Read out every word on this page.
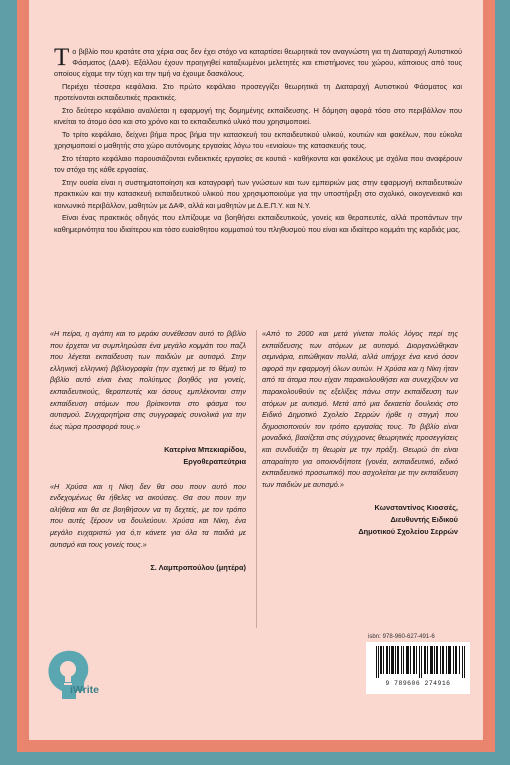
Το βιβλίο που κρατάτε στα χέρια σας δεν έχει στόχο να καταρτίσει θεωρητικά τον αναγνώστη για τη Διαταραχή Αυτιστικού Φάσματος (ΔΑΦ). Εξάλλου έχουν προηγηθεί καταξιωμένοι μελετητές και επιστήμονες του χώρου, κάποιους από τους οποίους είχαμε την τύχη και την τιμή να έχουμε δασκάλους.

Περιέχει τέσσερα κεφάλαια. Στο πρώτο κεφάλαιο προσεγγίζει θεωρητικά τη Διαταραχή Αυτιστικού Φάσματος και προτείνονται εκπαιδευτικές πρακτικές.

Στο δεύτερο κεφάλαιο αναλύεται η εφαρμογή της δομημένης εκπαίδευσης. Η δόμηση αφορά τόσο στο περιβάλλον που κινείται το άτομο όσο και στο χρόνο και το εκπαιδευτικό υλικό που χρησιμοποιεί.

Το τρίτο κεφάλαιο, δείχνει βήμα προς βήμα την κατασκευή του εκπαιδευτικού υλικού, κουτιών και φακέλων, που εύκολα χρησιμοποιεί ο μαθητής στο χώρο αυτόνομης εργασίας λόγω του «ενιαίου» της κατασκευής τους.

Στο τέταρτο κεφάλαιο παρουσιάζονται ενδεικτικές εργασίες σε κουτιά - καθήκοντα και φακέλους με σχόλια που αναφέρουν τον στόχο της κάθε εργασίας.

Στην ουσία είναι η συστηματοποίηση και καταγραφή των γνώσεων και των εμπειριών μας στην εφαρμογή εκπαιδευτικών πρακτικών και την κατασκευή εκπαιδευτικού υλικού που χρησιμοποιούμε για την υποστήριξη στο σχολικό, οικογενειακό και κοινωνικό περιβάλλον, μαθητών με ΔΑΦ, αλλά και μαθητών με Δ.Ε.Π.Υ. και Ν.Υ.

Είναι ένας πρακτικός οδηγός που ελπίζουμε να βοηθήσει εκπαιδευτικούς, γονείς και θεραπευτές, αλλά προπάντων την καθημερινότητα του ιδιαίτερου και τόσο ευαίσθητου κομματιού του πληθυσμού που είναι και ιδιαίτερο κομμάτι της καρδιάς μας.

«Η πείρα, η αγάπη και το μεράκι συνέθεσαν αυτό το βιβλίο που έρχεται να συμπληρώσει ένα μεγάλο κομμάτι του παζλ που λέγεται εκπαίδευση των παιδιών με αυτισμό. Στην ελληνική ελληνική βιβλιογραφία (την σχετική με το θέμα) το βιβλίο αυτό είναι ένας πολύτιμος βοηθός για γονείς, εκπαιδευτικούς, θεραπευτές και όσους εμπλέκονται στην εκπαίδευση ατόμων που βρίσκονται στο φάσμα του αυτισμού. Συγχαρητήρια στις συγγραφείς συνολικά για την έως τώρα προσφορά τους.»

Κατερίνα Μπεκιαρίδου,

Εργοθεραπεύτρια

«Η Χρύσα και η Νίκη δεν θα σου πουν αυτό που ενδεχομένως θα ήθελες να ακούσεις. Θα σου πουν την αλήθεια και θα σε βοηθήσουν να τη δεχτείς, με τον τρόπο που αυτές ξέρουν να δουλεύουν. Χρύσα και Νίκη, ένα μεγάλο ευχαριστώ για ό,τι κάνετε για όλα τα παιδιά με αυτισμό και τους γονείς τους.»

Σ. Λαμπροπούλου (μητέρα)

«Από το 2000 και μετά γίνεται πολύς λόγος περί της εκπαίδευσης των ατόμων με αυτισμό. Διοργανώθηκαν σεμινάρια, ειπώθηκαν πολλά, αλλά υπήρχε ένα κενό όσον αφορά την εφαρμογή όλων αυτών. Η Χρύσα και η Νίκη ήταν από τα άτομα που είχαν παρακολουθήσει και συνεχίζουν να παρακολουθούν τις εξελίξεις πάνω στην εκπαίδευση των ατόμων με αυτισμό. Μετά από μια δεκαετία δουλειάς στο Ειδικό Δημοτικό Σχολείο Σερρών ήρθε η στιγμή που δημοσιοποιούν τον τρόπο εργασίας τους. Το βιβλίο είναι μοναδικό, βασίζεται στις σύγχρονες θεωρητικές προσεγγίσεις και συνδυάζει τη θεωρία με την πράξη. Θεωρώ ότι είναι απαραίτητο για οποιονδήποτε (γονέα, εκπαιδευτικό, ειδικό εκπαιδευτικό προσωπικό) που ασχολείται με την εκπαίδευση των παιδιών με αυτισμό.»

Κωνσταντίνος Κιοσσές,

Διευθυντής Ειδικού

Δημοτικού Σχολείου Σερρών

isbn: 978-960-627-491-6
9 789606 274916
iWrite
